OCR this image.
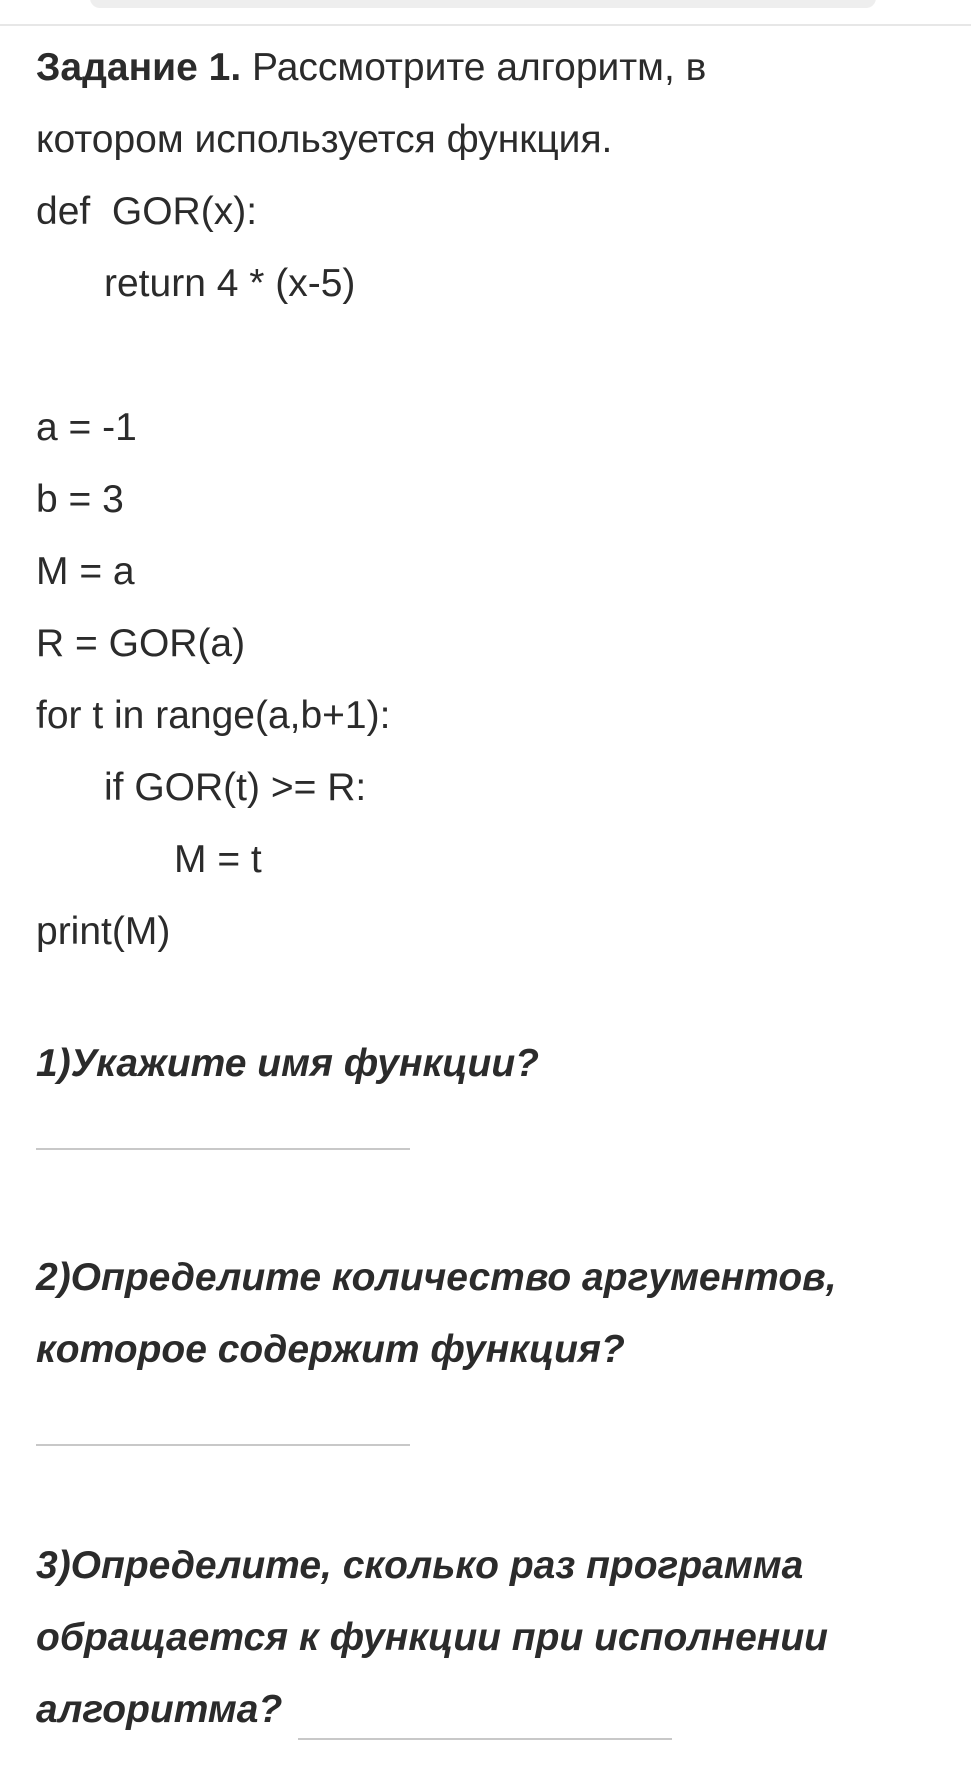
Задание 1. Рассмотрите алгоритм, в
котором используется функция.
def  GOR(x):
return 4 * (x-5)
a = -1
b = 3
M = a
R = GOR(a)
for t in range(a,b+1):
if GOR(t) >= R:
M = t
print(M)
1)Укажите имя функции?
2)Определите количество аргументов,
которое содержит функция?
3)Определите, сколько раз программа
обращается к функции при исполнении
алгоритма?
